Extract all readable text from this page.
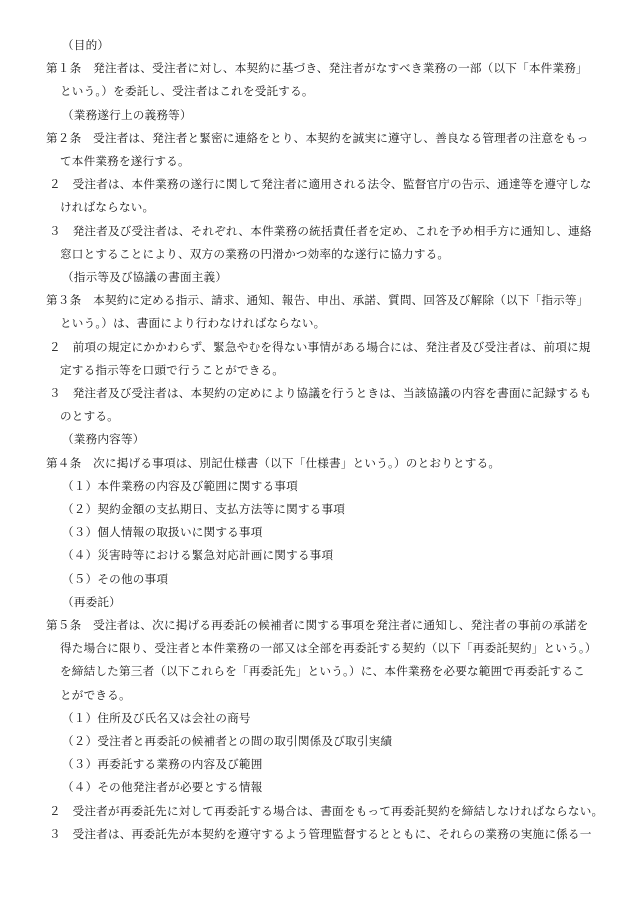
（目的）
第１条　発注者は、受注者に対し、本契約に基づき、発注者がなすべき業務の一部（以下「本件業務」
という。）を委託し、受注者はこれを受託する。
（業務遂行上の義務等）
第２条　受注者は、発注者と緊密に連絡をとり、本契約を誠実に遵守し、善良なる管理者の注意をもっ
て本件業務を遂行する。
２　受注者は、本件業務の遂行に関して発注者に適用される法令、監督官庁の告示、通達等を遵守しな
ければならない。
３　発注者及び受注者は、それぞれ、本件業務の統括責任者を定め、これを予め相手方に通知し、連絡
窓口とすることにより、双方の業務の円滑かつ効率的な遂行に協力する。
（指示等及び協議の書面主義）
第３条　本契約に定める指示、請求、通知、報告、申出、承諾、質問、回答及び解除（以下「指示等」
という。）は、書面により行わなければならない。
２　前項の規定にかかわらず、緊急やむを得ない事情がある場合には、発注者及び受注者は、前項に規
定する指示等を口頭で行うことができる。
３　発注者及び受注者は、本契約の定めにより協議を行うときは、当該協議の内容を書面に記録するも
のとする。
（業務内容等）
第４条　次に掲げる事項は、別記仕様書（以下「仕様書」という。）のとおりとする。
（１）本件業務の内容及び範囲に関する事項
（２）契約金額の支払期日、支払方法等に関する事項
（３）個人情報の取扱いに関する事項
（４）災害時等における緊急対応計画に関する事項
（５）その他の事項
（再委託）
第５条　受注者は、次に掲げる再委託の候補者に関する事項を発注者に通知し、発注者の事前の承諾を
得た場合に限り、受注者と本件業務の一部又は全部を再委託する契約（以下「再委託契約」という。）
を締結した第三者（以下これらを「再委託先」という。）に、本件業務を必要な範囲で再委託するこ
とができる。
（１）住所及び氏名又は会社の商号
（２）受注者と再委託の候補者との間の取引関係及び取引実績
（３）再委託する業務の内容及び範囲
（４）その他発注者が必要とする情報
２　受注者が再委託先に対して再委託する場合は、書面をもって再委託契約を締結しなければならない。
３　受注者は、再委託先が本契約を遵守するよう管理監督するとともに、それらの業務の実施に係る一
